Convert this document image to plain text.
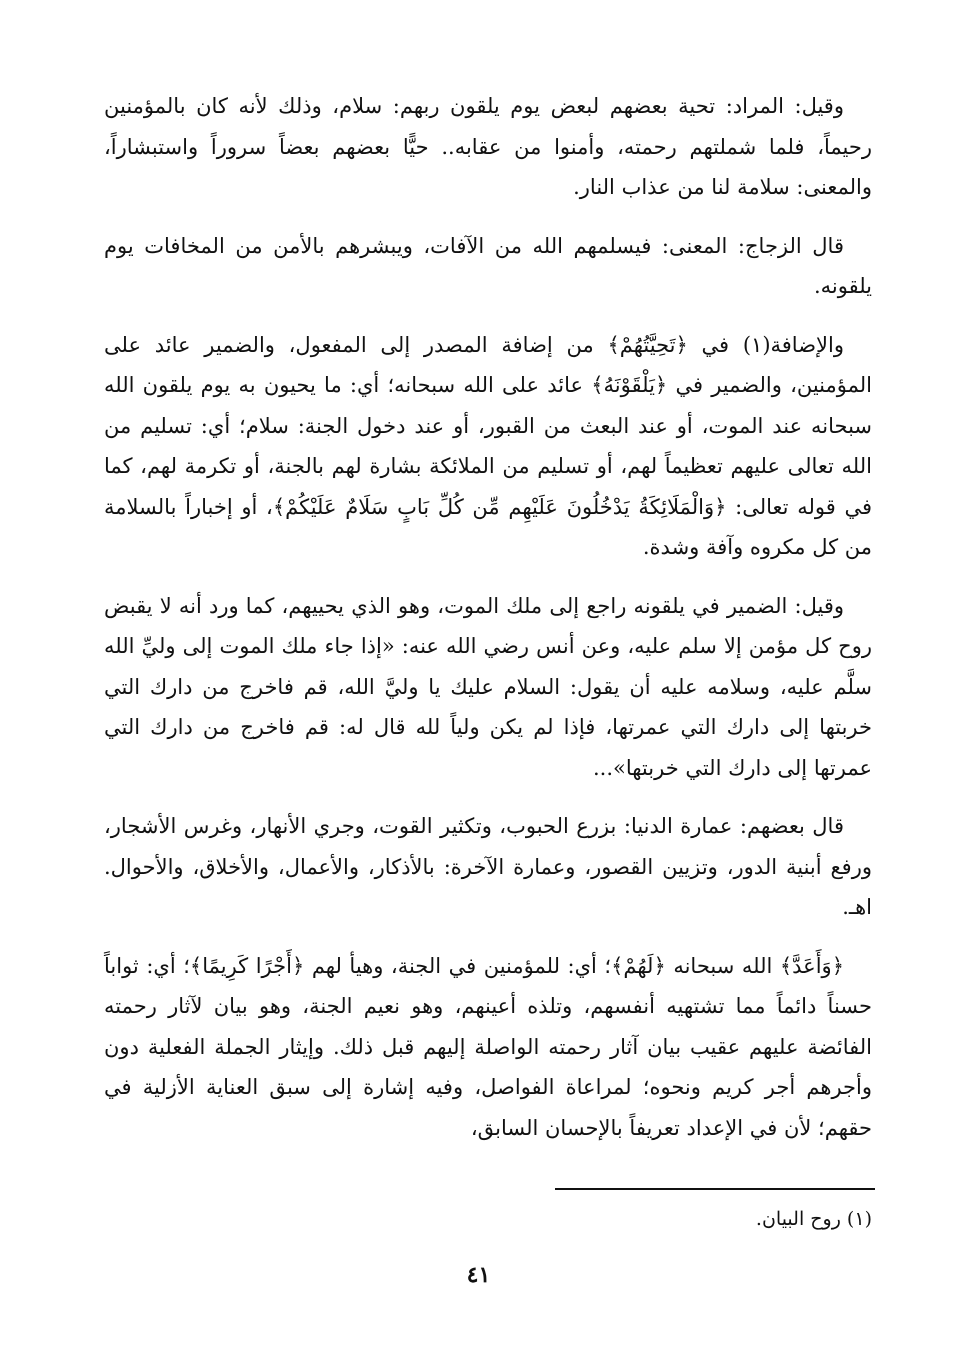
وقيل: المراد: تحية بعضهم لبعض يوم يلقون ربهم: سلام، وذلك لأنه كان بالمؤمنين رحيماً، فلما شملتهم رحمته، وأمنوا من عقابه.. حيًّا بعضهم بعضاً سروراً واستبشاراً، والمعنى: سلامة لنا من عذاب النار.

قال الزجاج: المعنى: فيسلمهم الله من الآفات، ويبشرهم بالأمن من المخافات يوم يلقونه.

والإضافة(١) في ﴿تَحِيَّتُهُمْ﴾ من إضافة المصدر إلى المفعول، والضمير عائد على المؤمنين، والضمير في ﴿يَلْقَوْنَهُ﴾ عائد على الله سبحانه؛ أي: ما يحيون به يوم يلقون الله سبحانه عند الموت، أو عند البعث من القبور، أو عند دخول الجنة: سلام؛ أي: تسليم من الله تعالى عليهم تعظيماً لهم، أو تسليم من الملائكة بشارة لهم بالجنة، أو تكرمة لهم، كما في قوله تعالى: ﴿وَالْمَلَائِكَةُ يَدْخُلُونَ عَلَيْهِم مِّن كُلِّ بَابٍ سَلَامٌ عَلَيْكُمْ﴾، أو إخباراً بالسلامة من كل مكروه وآفة وشدة.

وقيل: الضمير في يلقونه راجع إلى ملك الموت، وهو الذي يحييهم، كما ورد أنه لا يقبض روح كل مؤمن إلا سلم عليه، وعن أنس رضي الله عنه: «إذا جاء ملك الموت إلى وليِّ الله سلَّم عليه، وسلامه عليه أن يقول: السلام عليك يا وليَّ الله، قم فاخرج من دارك التي خربتها إلى دارك التي عمرتها، فإذا لم يكن ولياً لله قال له: قم فاخرج من دارك التي عمرتها إلى دارك التي خربتها»...

قال بعضهم: عمارة الدنيا: بزرع الحبوب، وتكثير القوت، وجري الأنهار، وغرس الأشجار، ورفع أبنية الدور، وتزيين القصور، وعمارة الآخرة: بالأذكار، والأعمال، والأخلاق، والأحوال. اهـ.

﴿وَأَعَدَّ﴾ الله سبحانه ﴿لَهُمْ﴾؛ أي: للمؤمنين في الجنة، وهيأ لهم ﴿أَجْرًا كَرِيمًا﴾؛ أي: ثواباً حسناً دائماً مما تشتهيه أنفسهم، وتلذه أعينهم، وهو نعيم الجنة، وهو بيان لآثار رحمته الفائضة عليهم عقيب بيان آثار رحمته الواصلة إليهم قبل ذلك. وإيثار الجملة الفعلية دون وأجرهم أجر كريم ونحوه؛ لمراعاة الفواصل، وفيه إشارة إلى سبق العناية الأزلية في حقهم؛ لأن في الإعداد تعريفاً بالإحسان السابق،

(١) روح البيان.
٤١
